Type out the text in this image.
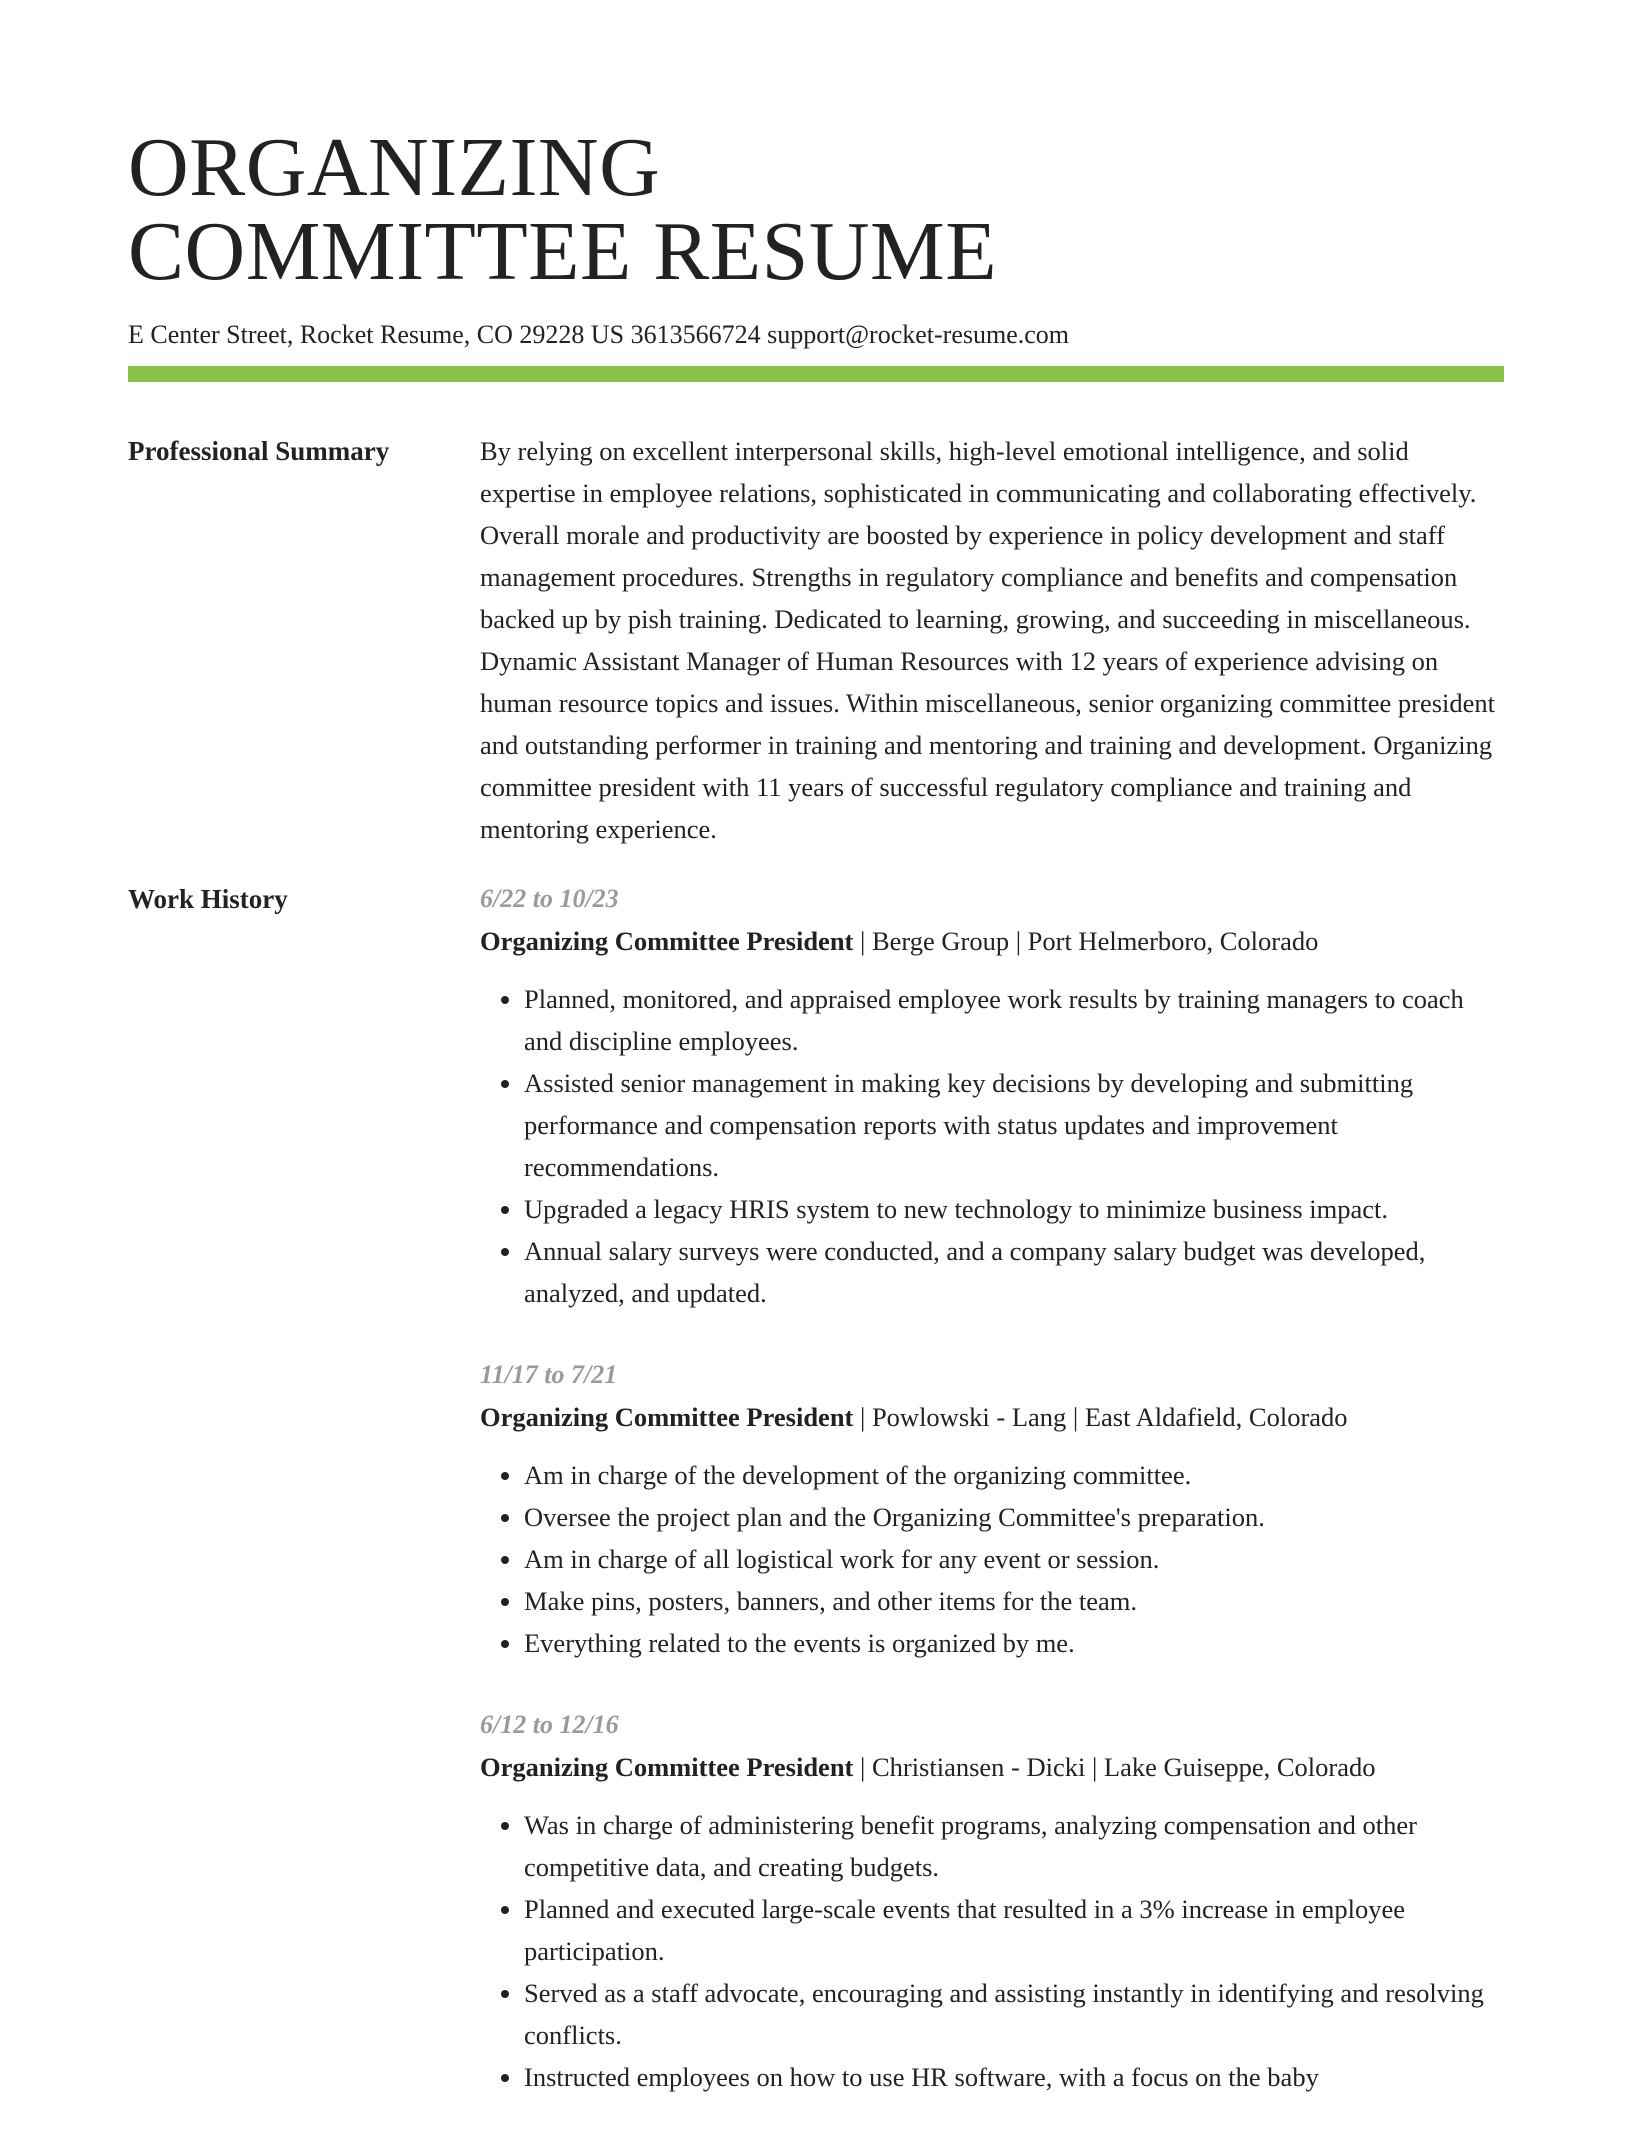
ORGANIZING
COMMITTEE RESUME
E Center Street, Rocket Resume, CO 29228 US 3613566724 support@rocket-resume.com
Professional Summary	By relying on excellent interpersonal skills, high-level emotional intelligence, and solid expertise in employee relations, sophisticated in communicating and collaborating effectively. Overall morale and productivity are boosted by experience in policy development and staff management procedures. Strengths in regulatory compliance and benefits and compensation backed up by pish training. Dedicated to learning, growing, and succeeding in miscellaneous. Dynamic Assistant Manager of Human Resources with 12 years of experience advising on human resource topics and issues. Within miscellaneous, senior organizing committee president and outstanding performer in training and mentoring and training and development. Organizing committee president with 11 years of successful regulatory compliance and training and mentoring experience.

Work History	6/22 to 10/23
Organizing Committee President | Berge Group | Port Helmerboro, Colorado
• Planned, monitored, and appraised employee work results by training managers to coach and discipline employees.
• Assisted senior management in making key decisions by developing and submitting performance and compensation reports with status updates and improvement recommendations.
• Upgraded a legacy HRIS system to new technology to minimize business impact.
• Annual salary surveys were conducted, and a company salary budget was developed, analyzed, and updated.
11/17 to 7/21
Organizing Committee President | Powlowski - Lang | East Aldafield, Colorado
• Am in charge of the development of the organizing committee.
• Oversee the project plan and the Organizing Committee's preparation.
• Am in charge of all logistical work for any event or session.
• Make pins, posters, banners, and other items for the team.
• Everything related to the events is organized by me.
6/12 to 12/16
Organizing Committee President | Christiansen - Dicki | Lake Guiseppe, Colorado
• Was in charge of administering benefit programs, analyzing compensation and other competitive data, and creating budgets.
• Planned and executed large-scale events that resulted in a 3% increase in employee participation.
• Served as a staff advocate, encouraging and assisting instantly in identifying and resolving conflicts.
• Instructed employees on how to use HR software, with a focus on the baby
